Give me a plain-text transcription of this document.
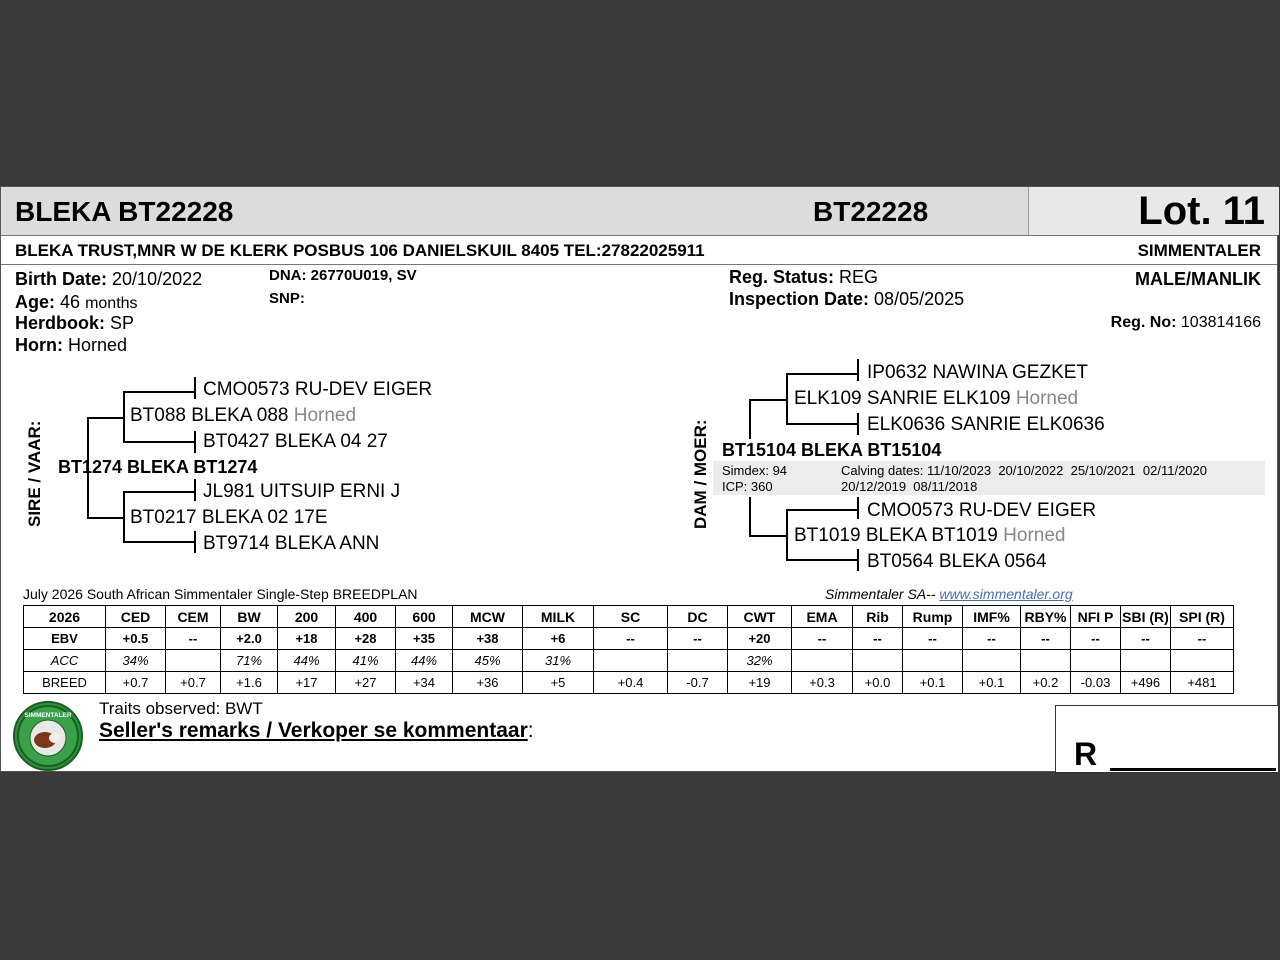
BLEKA BT22228	BT22228	Lot. 11
BLEKA TRUST,MNR W DE KLERK POSBUS 106 DANIELSKUIL 8405 TEL:27822025911	SIMMENTALER
Birth Date: 20/10/2022
Age: 46 months
Herdbook: SP
Horn: Horned
DNA: 26770U019, SV
SNP:
Reg. Status: REG
Inspection Date: 08/05/2025
MALE/MANLIK
Reg. No: 103814166
SIRE / VAAR:
CMO0573 RU-DEV EIGER
BT088 BLEKA 088 Horned
BT0427 BLEKA 04 27
BT1274 BLEKA BT1274
JL981 UITSUIP ERNI J
BT0217 BLEKA 02 17E
BT9714 BLEKA ANN
DAM / MOER:
IP0632 NAWINA GEZKET
ELK109 SANRIE ELK109 Horned
ELK0636 SANRIE ELK0636
BT15104 BLEKA BT15104
Simdex: 94
ICP: 360
Calving dates: 11/10/2023  20/10/2022  25/10/2021  02/11/2020
20/12/2019  08/11/2018
CMO0573 RU-DEV EIGER
BT1019 BLEKA BT1019 Horned
BT0564 BLEKA 0564
July 2026 South African Simmentaler Single-Step BREEDPLAN	Simmentaler SA-- www.simmentaler.org
2026	CED	CEM	BW	200	400	600	MCW	MILK	SC	DC	CWT	EMA	Rib	Rump	IMF%	RBY%	NFI P	SBI (R)	SPI (R)
EBV	+0.5	--	+2.0	+18	+28	+35	+38	+6	--	--	+20	--	--	--	--	--	--	--	--
ACC	34%		71%	44%	41%	44%	45%	31%			32%								
BREED	+0.7	+0.7	+1.6	+17	+27	+34	+36	+5	+0.4	-0.7	+19	+0.3	+0.0	+0.1	+0.1	+0.2	-0.03	+496	+481
SIMMENTALER Traits observed: BWT
Seller's remarks / Verkoper se kommentaar:
R
